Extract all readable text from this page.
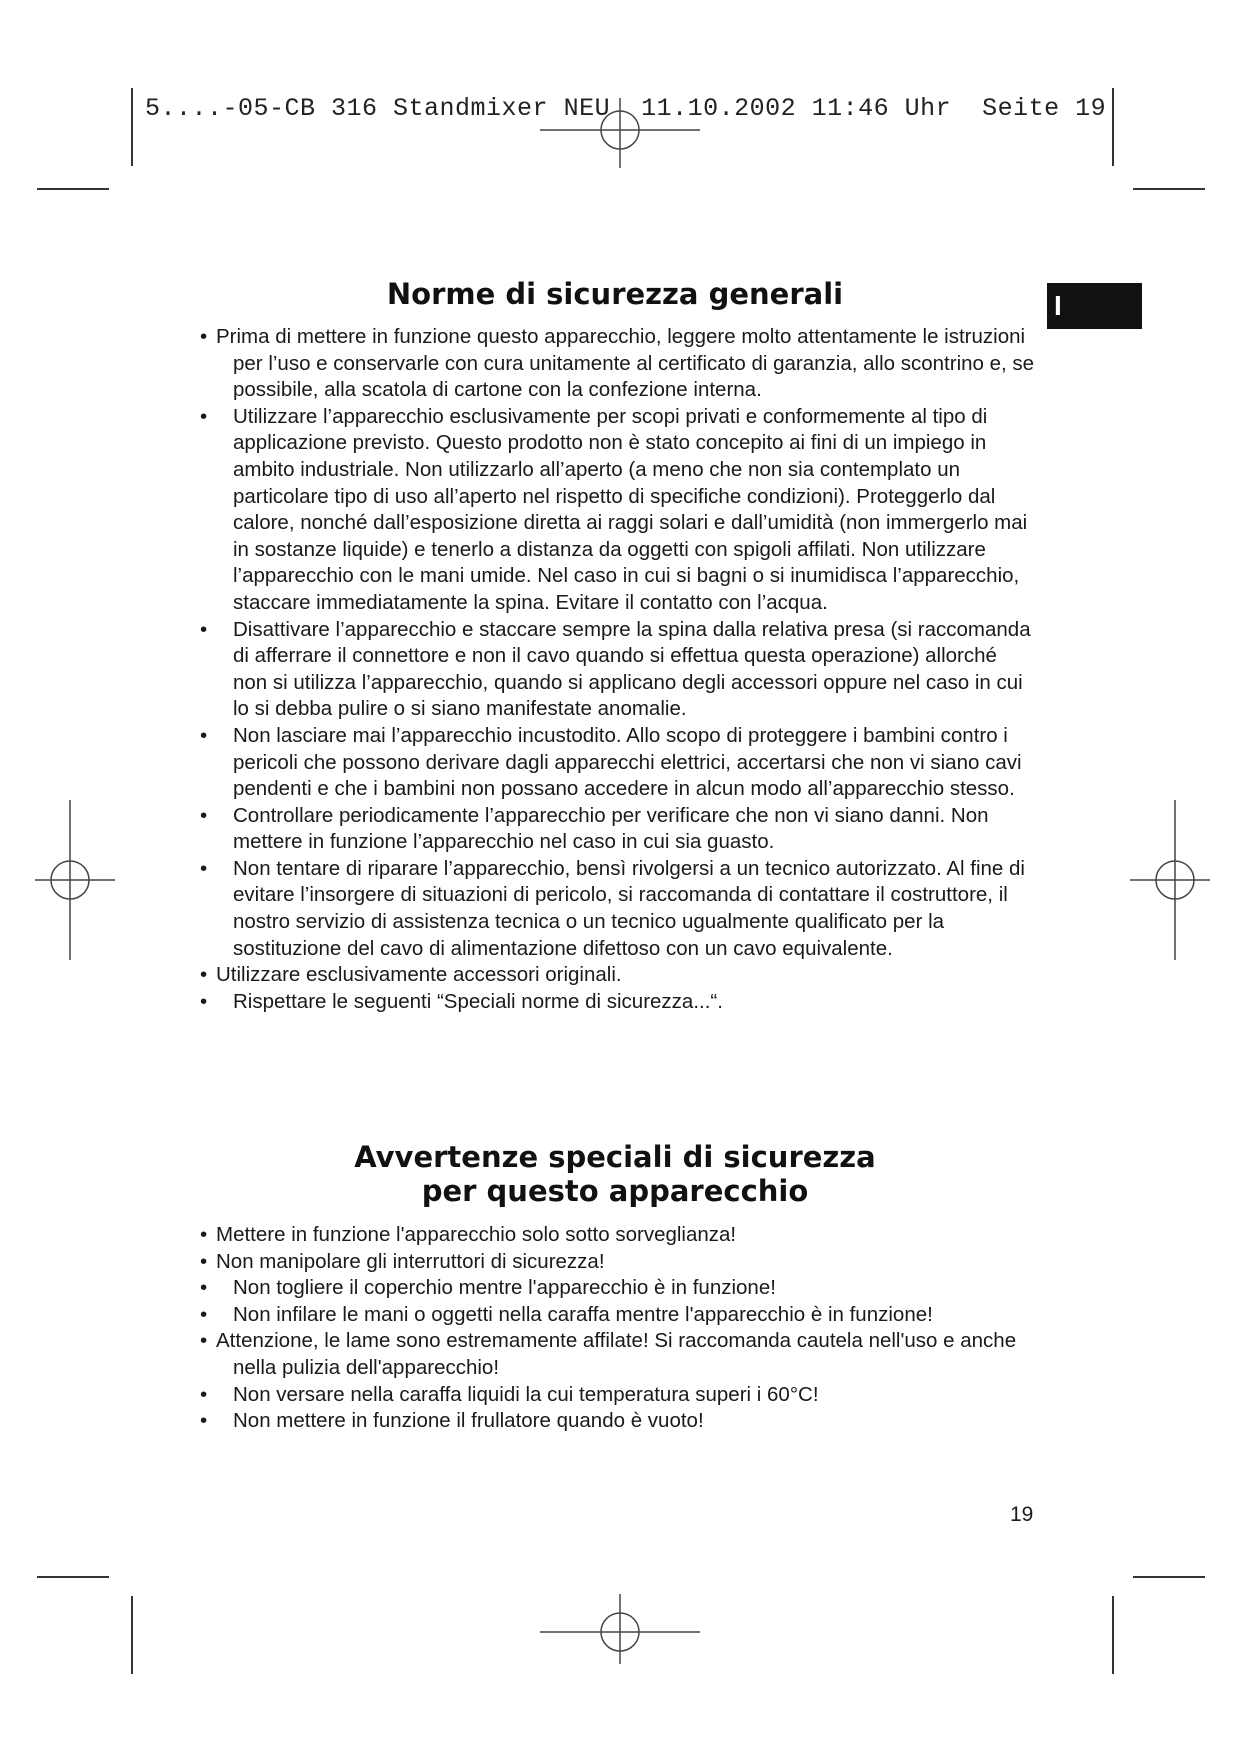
5....-05-CB 316 Standmixer NEU  11.10.2002 11:46 Uhr  Seite 19
I
Norme di sicurezza generali
• Prima di mettere in funzione questo apparecchio, leggere molto attentamente le istruzioni per l’uso e conservarle con cura unitamente al certificato di garanzia, allo scontrino e, se possibile, alla scatola di cartone con la confezione interna.
• Utilizzare l’apparecchio esclusivamente per scopi privati e conformemente al tipo di applicazione previsto. Questo prodotto non è stato concepito ai fini di un impiego in ambito industriale. Non utilizzarlo all’aperto (a meno che non sia contemplato un particolare tipo di uso all’aperto nel rispetto di specifiche condizioni). Proteggerlo dal calore, nonché dall’esposizione diretta ai raggi solari e dall’umidità (non immergerlo mai in sostanze liquide) e tenerlo a distanza da oggetti con spigoli affilati. Non utilizzare l’apparecchio con le mani umide. Nel caso in cui si bagni o si inumidisca l’apparecchio, staccare immediatamente la spina. Evitare il contatto con l’acqua.
• Disattivare l’apparecchio e staccare sempre la spina dalla relativa presa (si raccomanda di afferrare il connettore e non il cavo quando si effettua questa operazione) allorché non si utilizza l’apparecchio, quando si applicano degli accessori oppure nel caso in cui lo si debba pulire o si siano manifestate anomalie.
• Non lasciare mai l’apparecchio incustodito. Allo scopo di proteggere i bambini contro i pericoli che possono derivare dagli apparecchi elettrici, accertarsi che non vi siano cavi pendenti e che i bambini non possano accedere in alcun modo all’apparecchio stesso.
• Controllare periodicamente l’apparecchio per verificare che non vi siano danni. Non mettere in funzione l’apparecchio nel caso in cui sia guasto.
• Non tentare di riparare l’apparecchio, bensì rivolgersi a un tecnico autorizzato. Al fine di evitare l’insorgere di situazioni di pericolo, si raccomanda di contattare il costruttore, il nostro servizio di assistenza tecnica o un tecnico ugualmente qualificato per la sostituzione del cavo di alimentazione difettoso con un cavo equivalente.
• Utilizzare esclusivamente accessori originali.
• Rispettare le seguenti “Speciali norme di sicurezza...“.
Avvertenze speciali di sicurezza
per questo apparecchio
• Mettere in funzione l'apparecchio solo sotto sorveglianza!
• Non manipolare gli interruttori di sicurezza!
• Non togliere il coperchio mentre l'apparecchio è in funzione!
• Non infilare le mani o oggetti nella caraffa mentre l'apparecchio è in funzione!
• Attenzione, le lame sono estremamente affilate! Si raccomanda cautela nell'uso e anche nella pulizia dell'apparecchio!
• Non versare nella caraffa liquidi la cui temperatura superi i 60°C!
• Non mettere in funzione il frullatore quando è vuoto!
19
